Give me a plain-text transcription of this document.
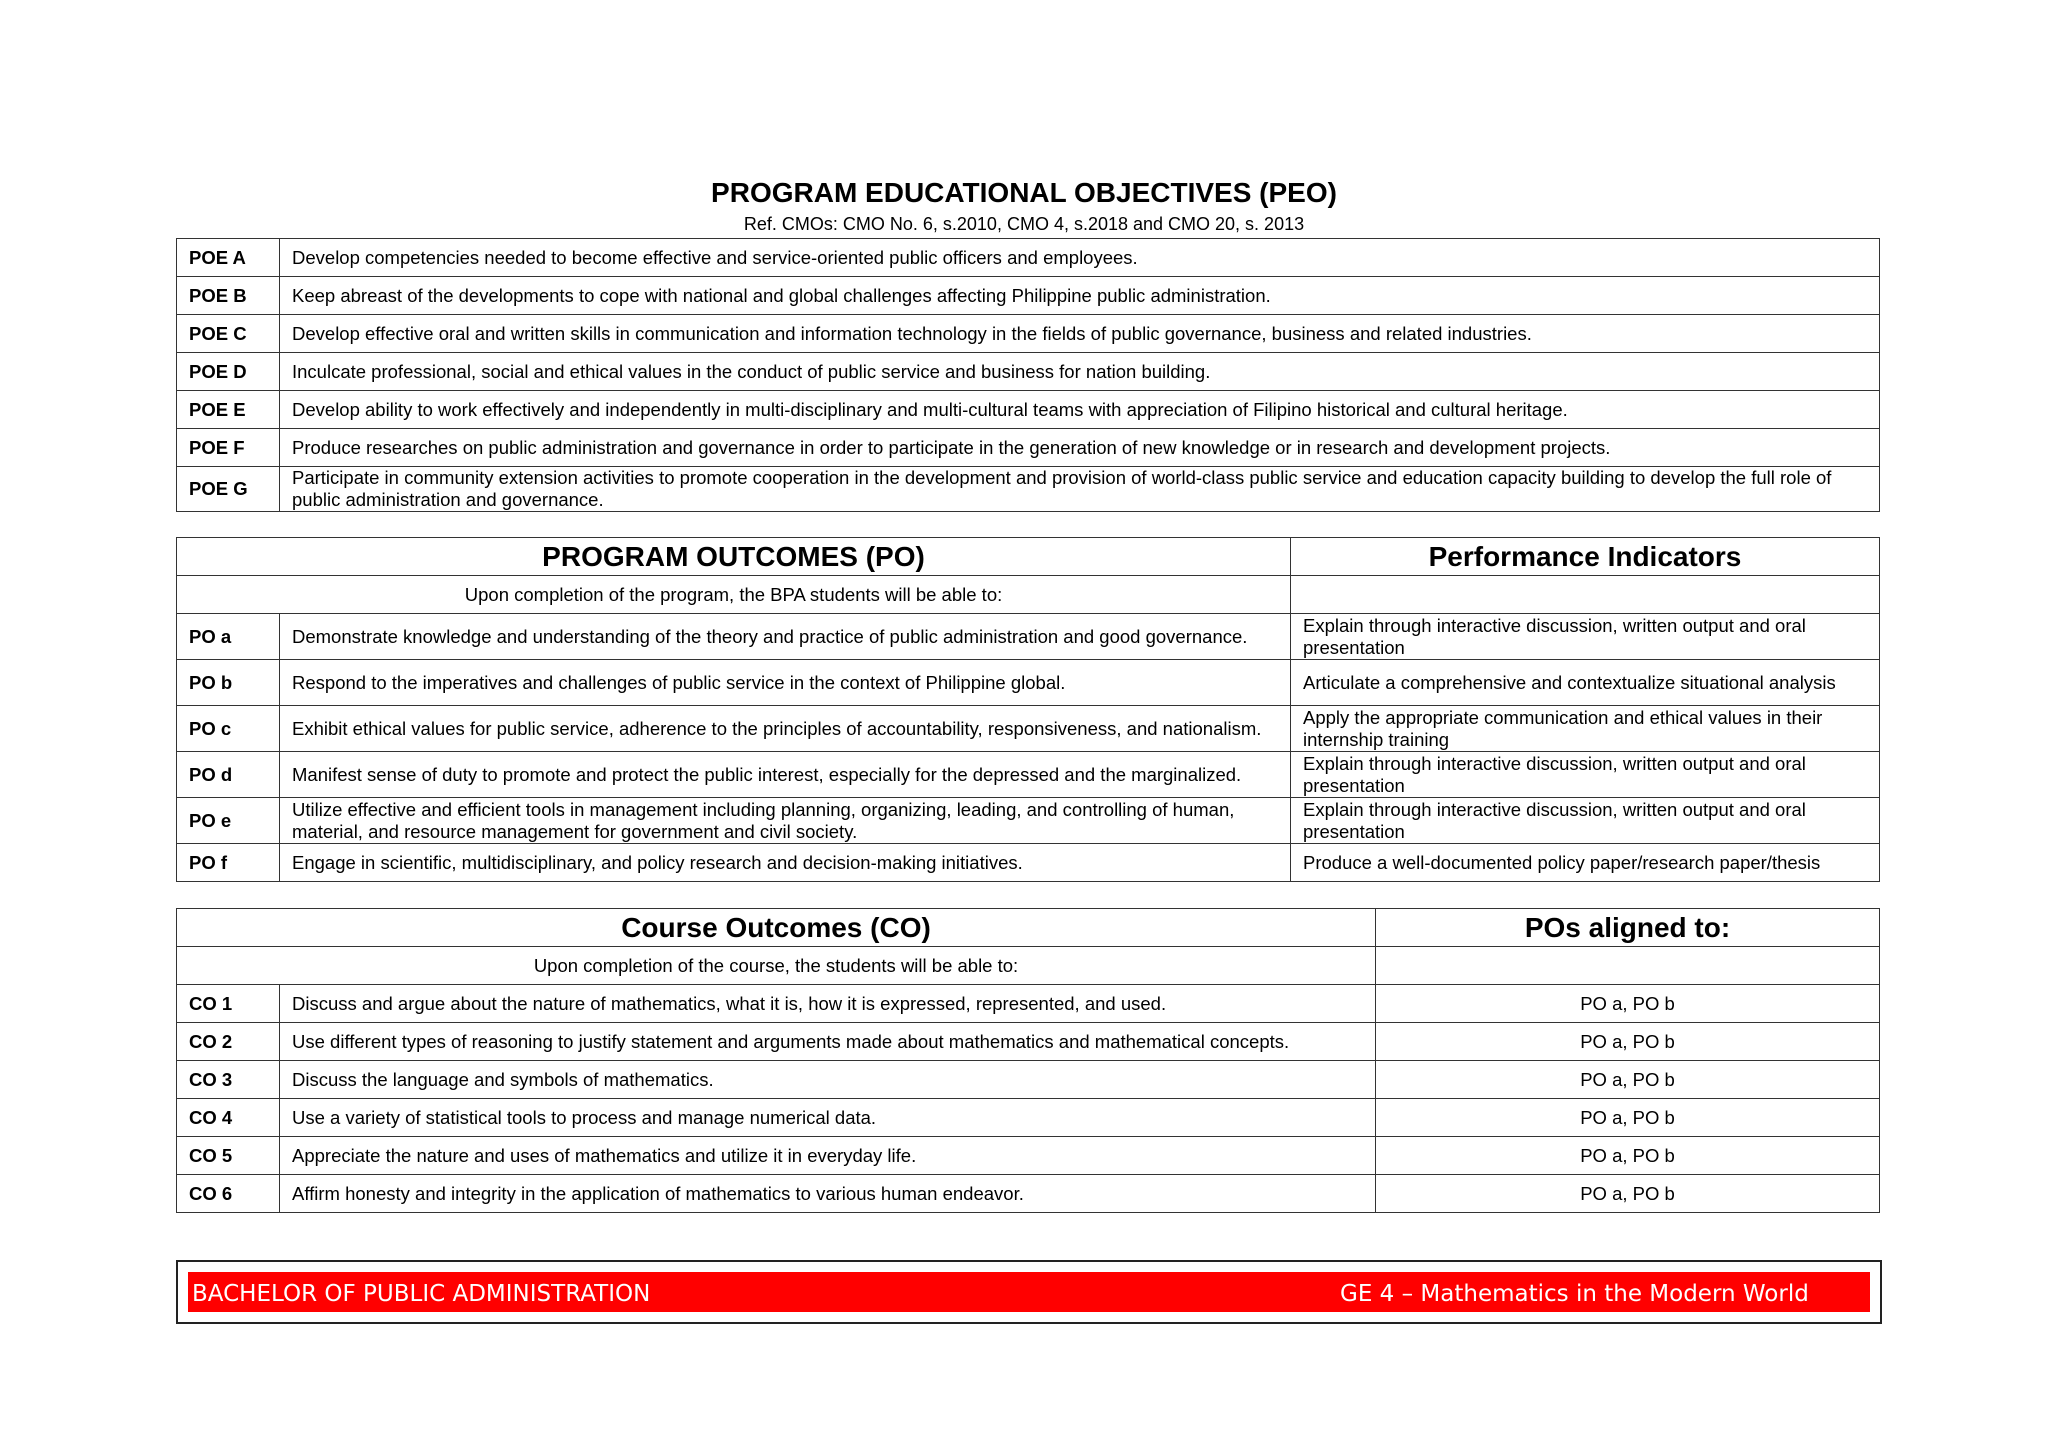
PROGRAM EDUCATIONAL OBJECTIVES (PEO)
Ref. CMOs: CMO No. 6, s.2010, CMO 4, s.2018 and CMO 20, s. 2013
POE A	Develop competencies needed to become effective and service-oriented public officers and employees.
POE B	Keep abreast of the developments to cope with national and global challenges affecting Philippine public administration.
POE C	Develop effective oral and written skills in communication and information technology in the fields of public governance, business and related industries.
POE D	Inculcate professional, social and ethical values in the conduct of public service and business for nation building.
POE E	Develop ability to work effectively and independently in multi-disciplinary and multi-cultural teams with appreciation of Filipino historical and cultural heritage.
POE F	Produce researches on public administration and governance in order to participate in the generation of new knowledge or in research and development projects.
POE G	Participate in community extension activities to promote cooperation in the development and provision of world-class public service and education capacity building to develop the full role of public administration and governance.
PROGRAM OUTCOMES (PO)		Performance Indicators
Upon completion of the program, the BPA students will be able to:		
PO a	Demonstrate knowledge and understanding of the theory and practice of public administration and good governance.	Explain through interactive discussion, written output and oral presentation
PO b	Respond to the imperatives and challenges of public service in the context of Philippine global.	Articulate a comprehensive and contextualize situational analysis
PO c	Exhibit ethical values for public service, adherence to the principles of accountability, responsiveness, and nationalism.	Apply the appropriate communication and ethical values in their internship training
PO d	Manifest sense of duty to promote and protect the public interest, especially for the depressed and the marginalized.	Explain through interactive discussion, written output and oral presentation
PO e	Utilize effective and efficient tools in management including planning, organizing, leading, and controlling of human, material, and resource management for government and civil society.	Explain through interactive discussion, written output and oral presentation
PO f	Engage in scientific, multidisciplinary, and policy research and decision-making initiatives.	Produce a well-documented policy paper/research paper/thesis
Course Outcomes (CO)		POs aligned to:
Upon completion of the course, the students will be able to:		
CO 1	Discuss and argue about the nature of mathematics, what it is, how it is expressed, represented, and used.	PO a, PO b
CO 2	Use different types of reasoning to justify statement and arguments made about mathematics and mathematical concepts.	PO a, PO b
CO 3	Discuss the language and symbols of mathematics.	PO a, PO b
CO 4	Use a variety of statistical tools to process and manage numerical data.	PO a, PO b
CO 5	Appreciate the nature and uses of mathematics and utilize it in everyday life.	PO a, PO b
CO 6	Affirm honesty and integrity in the application of mathematics to various human endeavor.	PO a, PO b
BACHELOR OF PUBLIC ADMINISTRATION	GE 4 – Mathematics in the Modern World
